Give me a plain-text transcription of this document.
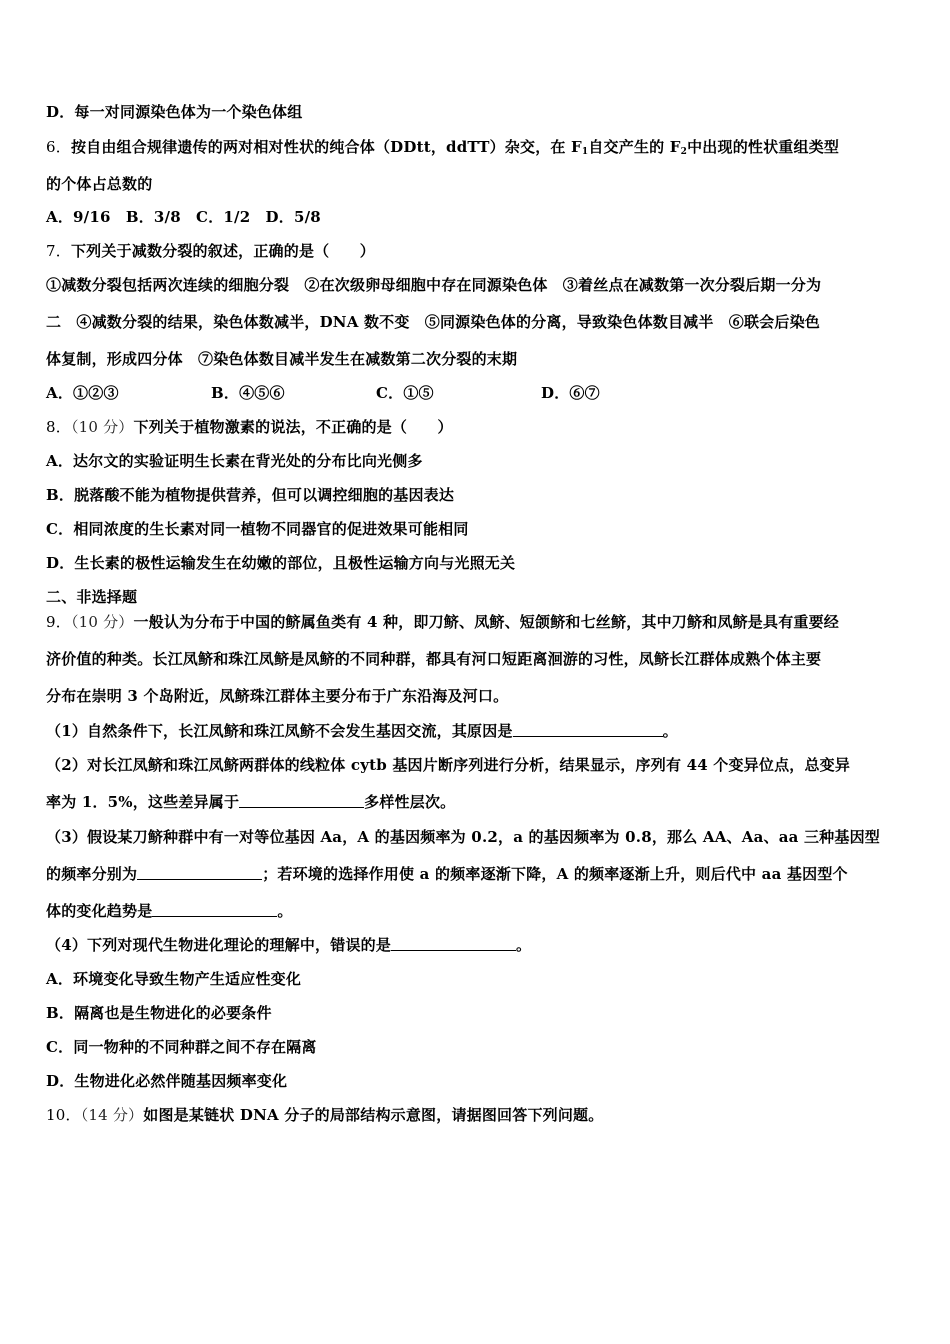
D．每一对同源染色体为一个染色体组
6．按自由组合规律遗传的两对相对性状的纯合体（DDtt，ddTT）杂交，在 $F_1$自交产生的 $F_2$中出现的性状重组类型
的个体占总数的
A．9/16　B．3/8　C．1/2　D．5/8
7．下列关于减数分裂的叙述，正确的是（　　）
①减数分裂包括两次连续的细胞分裂　②在次级卵母细胞中存在同源染色体　③着丝点在减数第一次分裂后期一分为
二　④减数分裂的结果，染色体数减半，DNA 数不变　⑤同源染色体的分离，导致染色体数目减半　⑥联会后染色
体复制，形成四分体　⑦染色体数目减半发生在减数第二次分裂的末期
A．①②③	B．④⑤⑥	C．①⑤	D．⑥⑦
8．（10 分）下列关于植物激素的说法，不正确的是（　　）
A．达尔文的实验证明生长素在背光处的分布比向光侧多
B．脱落酸不能为植物提供营养，但可以调控细胞的基因表达
C．相同浓度的生长素对同一植物不同器官的促进效果可能相同
D．生长素的极性运输发生在幼嫩的部位，且极性运输方向与光照无关
二、非选择题
9．（10 分）一般认为分布于中国的鲚属鱼类有 4 种，即刀鲚、凤鲚、短颌鲚和七丝鲚，其中刀鲚和凤鲚是具有重要经
济价值的种类。长江凤鲚和珠江凤鲚是凤鲚的不同种群，都具有河口短距离洄游的习性，凤鲚长江群体成熟个体主要
分布在崇明 3 个岛附近，凤鲚珠江群体主要分布于广东沿海及河口。
（1）自然条件下，长江凤鲚和珠江凤鲚不会发生基因交流，其原因是	。
（2）对长江凤鲚和珠江凤鲚两群体的线粒体 cytb 基因片断序列进行分析，结果显示，序列有 44 个变异位点，总变异
率为 1．5%，这些差异属于	多样性层次。
（3）假设某刀鲚种群中有一对等位基因 Aa，A 的基因频率为 0.2，a 的基因频率为 0.8，那么 AA、Aa、aa 三种基因型
的频率分别为	；若环境的选择作用使 a 的频率逐渐下降，A 的频率逐渐上升，则后代中 aa 基因型个
体的变化趋势是	。
（4）下列对现代生物进化理论的理解中，错误的是	。
A．环境变化导致生物产生适应性变化
B．隔离也是生物进化的必要条件
C．同一物种的不同种群之间不存在隔离
D．生物进化必然伴随基因频率变化
10．（14 分）如图是某链状 DNA 分子的局部结构示意图，请据图回答下列问题。
